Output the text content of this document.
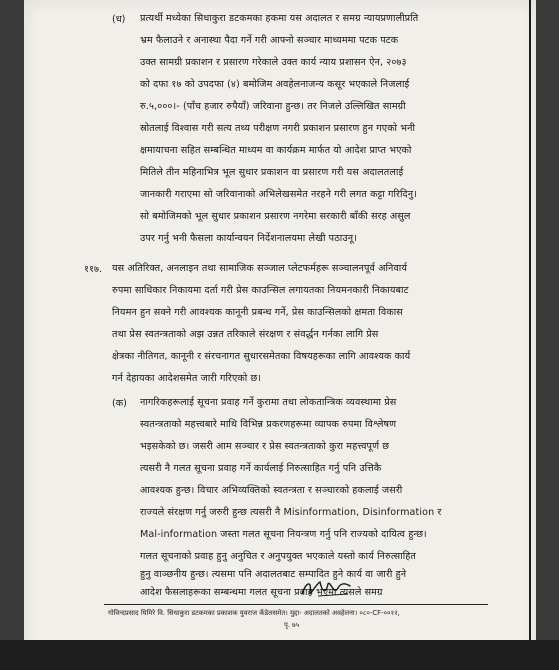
(ध) प्रत्यर्थी मध्येका सिधाकुरा डटकमका हकमा यस अदालत र समग्र न्यायप्रणालीप्रति
भ्रम फैलाउने र अनास्था पैदा गर्ने गरी आफ्नो सञ्चार माध्यममा पटक पटक
उक्त सामग्री प्रकाशन र प्रसारण गरेकाले उक्त कार्य न्याय प्रशासन ऐन, २०७३
को दफा १७ को उपदफा (४) बमोजिम अवहेलनाजन्य कसूर भएकाले निजलाई
रु.५,०००।- (पाँच हजार रुपैयाँ) जरिवाना हुन्छ। तर निजले उल्लिखित सामग्री
स्रोतलाई विश्वास गरी सत्य तथ्य परीक्षण नगरी प्रकाशन प्रसारण हुन गएको भनी
क्षमायाचना सहित सम्बन्धित माध्यम वा कार्यक्रम मार्फत यो आदेश प्राप्त भएको
मितिले तीन महिनाभित्र भूल सुधार प्रकाशन वा प्रसारण गरी यस अदालतलाई
जानकारी गराएमा सो जरिवानाको अभिलेखसमेत नरहने गरी लगत कट्टा गरिदिनु।
सो बमोजिमको भूल सुधार प्रकाशन प्रसारण नगरेमा सरकारी बाँकी सरह असुल
उपर गर्नु भनी फैसला कार्यान्वयन निर्देशनालयमा लेखी पठाउनू।
११७. यस अतिरिक्त, अनलाइन तथा सामाजिक सञ्जाल प्लेटफर्महरू सञ्चालनपूर्व अनिवार्य
रुपमा साधिकार निकायमा दर्ता गरी प्रेस काउन्सिल लगायतका नियमनकारी निकायबाट
नियमन हुन सक्ने गरी आवश्यक कानूनी प्रबन्ध गर्ने, प्रेस काउन्सिलको क्षमता विकास
तथा प्रेस स्वतन्त्रताको अझ उन्नत तरिकाले संरक्षण र संवर्द्धन गर्नका लागि प्रेस
क्षेत्रका नीतिगत, कानूनी र संरचनागत सुधारसमेतका विषयहरूका लागि आवश्यक कार्य
गर्न देहायका आदेशसमेत जारी गरिएको छ।
(क) नागरिकहरूलाई सूचना प्रवाह गर्ने कुरामा तथा लोकतान्त्रिक व्यवस्थामा प्रेस
स्वतन्त्रताको महत्त्वबारे माथि विभिन्न प्रकरणहरूमा व्यापक रुपमा विश्लेषण
भइसकेको छ। जसरी आम सञ्चार र प्रेस स्वतन्त्रताको कुरा महत्त्वपूर्ण छ
त्यसरी नै गलत सूचना प्रवाह गर्ने कार्यलाई निरुत्साहित गर्नु पनि उत्तिकै
आवश्यक हुन्छ। विचार अभिव्यक्तिको स्वतन्त्रता र सञ्चारको हकलाई जसरी
राज्यले संरक्षण गर्नु जरुरी हुन्छ त्यसरी नै Misinformation, Disinformation र
Mal-information जस्ता गलत सूचना नियन्त्रण गर्नु पनि राज्यको दायित्व हुन्छ।
गलत सूचनाको प्रवाह हुनु अनुचित र अनुपयुक्त भएकाले यस्तो कार्य निरुत्साहित
हुनु वाञ्छनीय हुन्छ। त्यसमा पनि अदालतबाट सम्पादित हुने कार्य वा जारी हुने
आदेश फैसलाहरूका सम्बन्धमा गलत सूचना प्रवाह भएमा त्यसले समग्र
गोविन्दप्रसाद घिमिरे वि. सिधाकुरा डटकमका प्रकाशक युवराज कँडेलसमेत। मुद्दा- अदालतको अवहेलना। ०८०-CF-००१२,
पृ. ७५
